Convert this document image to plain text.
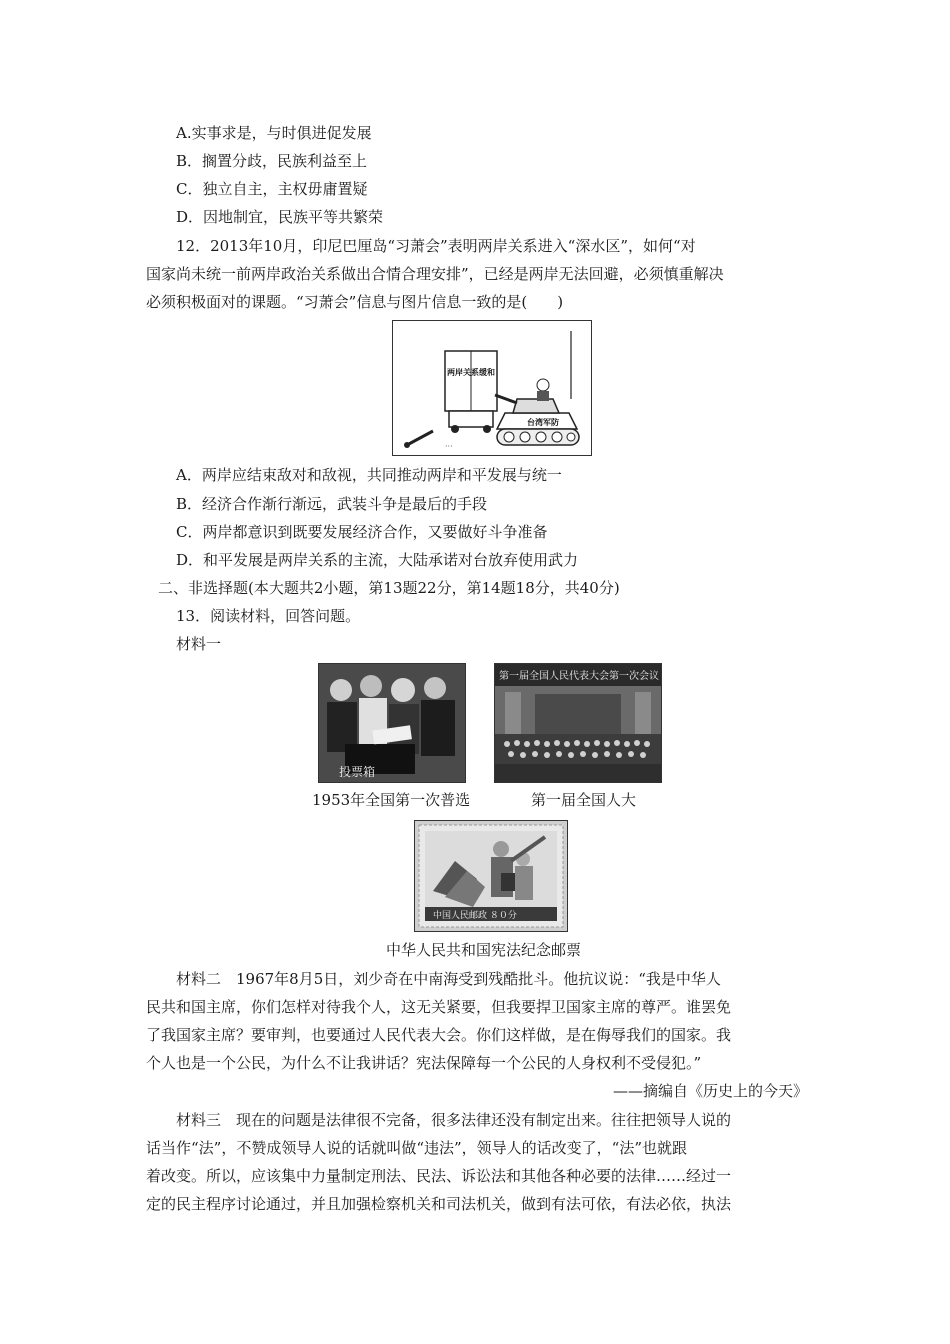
A.实事求是，与时俱进促发展
B．搁置分歧，民族利益至上
C．独立自主，主权毋庸置疑
D．因地制宜，民族平等共繁荣
12．2013年10月，印尼巴厘岛“习萧会”表明两岸关系进入“深水区”，如何“对
国家尚未统一前两岸政治关系做出合情合理安排”，已经是两岸无法回避，必须慎重解决
必须积极面对的课题。“习萧会”信息与图片信息一致的是(　　)
···
两岸关系缓和
台湾军防
A．两岸应结束敌对和敌视，共同推动两岸和平发展与统一
B．经济合作渐行渐远，武装斗争是最后的手段
C．两岸都意识到既要发展经济合作，又要做好斗争准备
D．和平发展是两岸关系的主流，大陆承诺对台放弃使用武力
二、非选择题(本大题共2小题，第13题22分，第14题18分，共40分)
13．阅读材料，回答问题。
材料一
投票箱
1953年全国第一次普选
第一届全国人民代表大会第一次会议
第一届全国人大
中国人民邮政 ８０分
中华人民共和国宪法纪念邮票
材料二　1967年8月5日，刘少奇在中南海受到残酷批斗。他抗议说：“我是中华人
民共和国主席，你们怎样对待我个人，这无关紧要，但我要捍卫国家主席的尊严。谁罢免
了我国家主席？要审判，也要通过人民代表大会。你们这样做，是在侮辱我们的国家。我
个人也是一个公民，为什么不让我讲话？宪法保障每一个公民的人身权利不受侵犯。”
——摘编自《历史上的今天》
材料三　现在的问题是法律很不完备，很多法律还没有制定出来。往往把领导人说的
话当作“法”，不赞成领导人说的话就叫做“违法”，领导人的话改变了，“法”也就跟
着改变。所以，应该集中力量制定刑法、民法、诉讼法和其他各种必要的法律……经过一
定的民主程序讨论通过，并且加强检察机关和司法机关，做到有法可依，有法必依，执法
